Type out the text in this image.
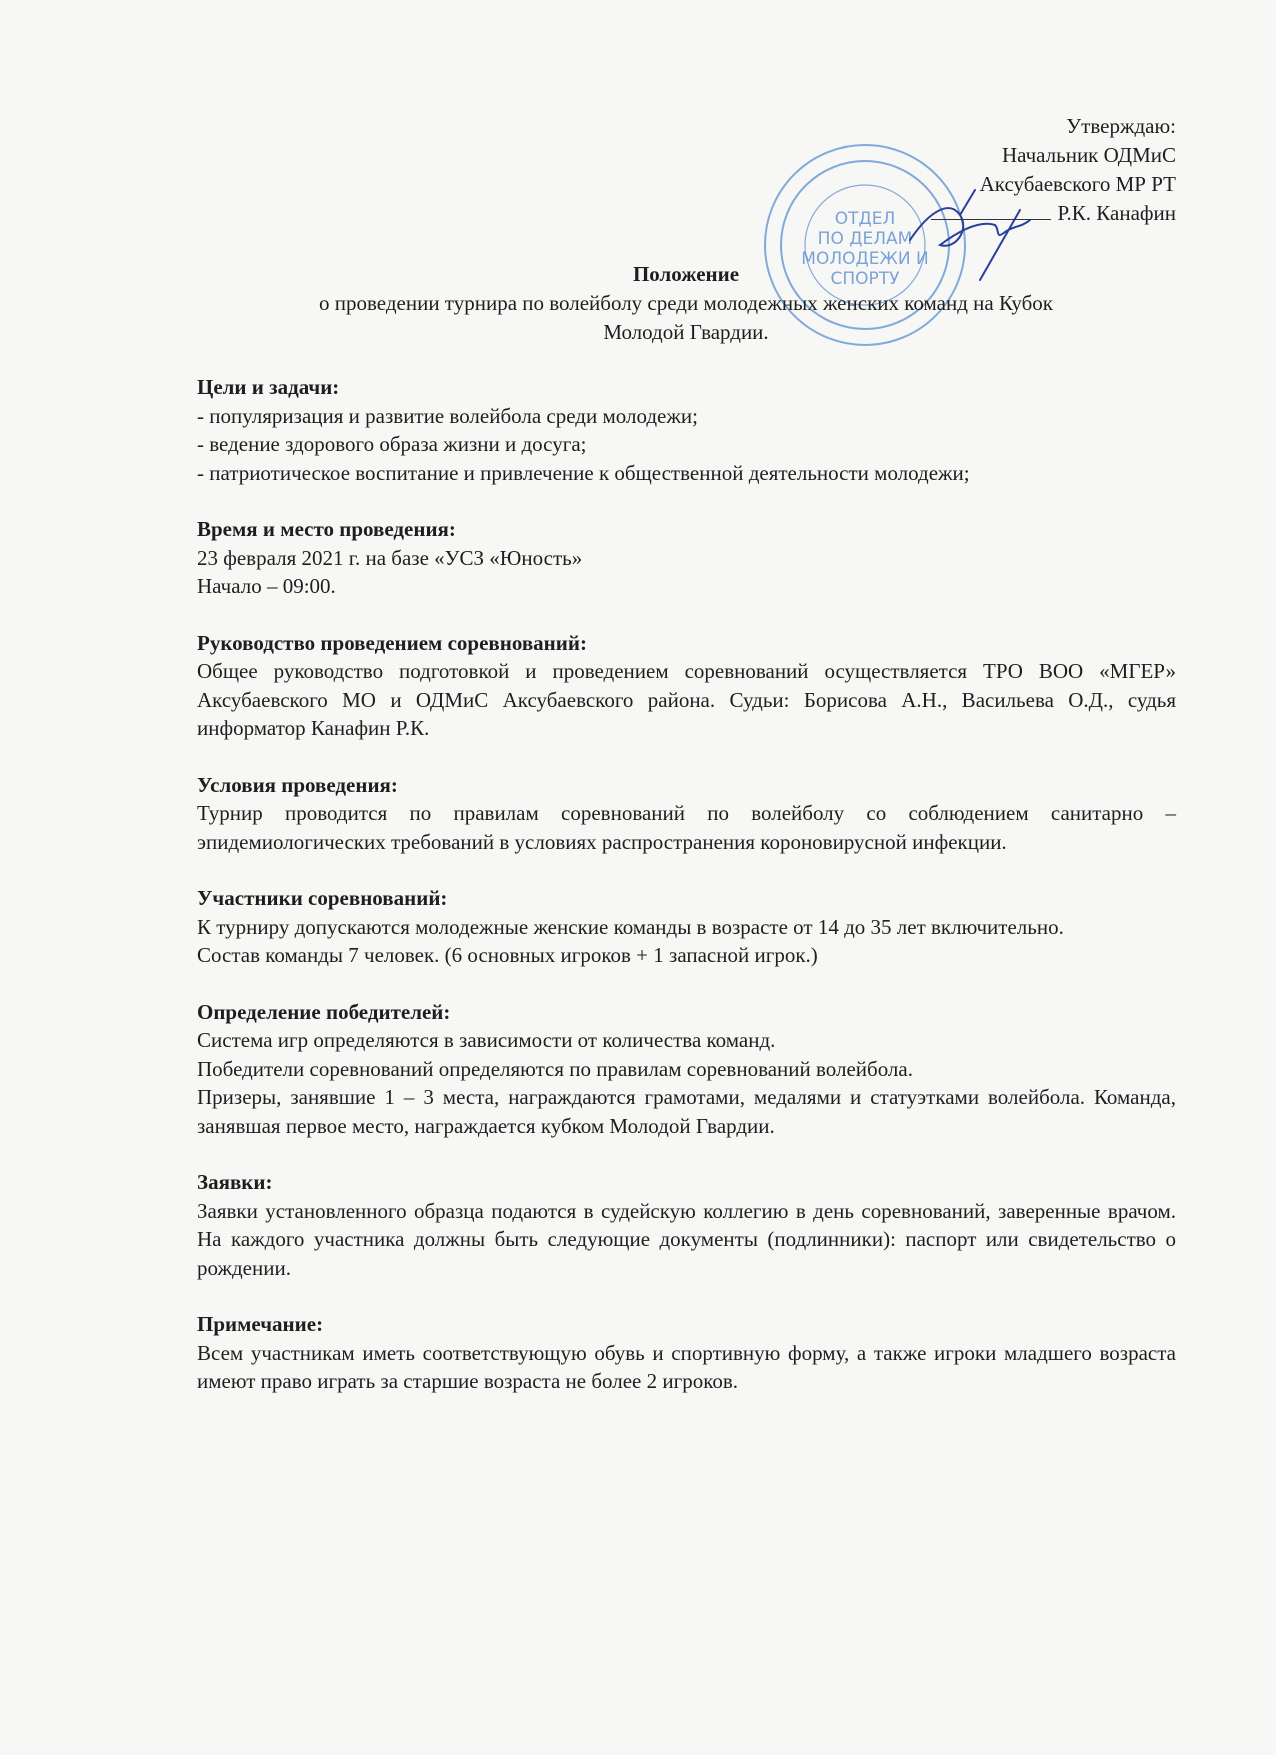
ОТДЕЛ
ПО ДЕЛАМ
МОЛОДЕЖИ И
СПОРТУ
Утверждаю:
Начальник ОДМиС
Аксубаевского МР РТ
Р.К. Канафин
Положение
о проведении турнира по волейболу среди молодежных женских команд на Кубок
Молодой Гвардии.
Цели и задачи:

- популяризация и развитие волейбола среди молодежи;

- ведение здорового образа жизни и досуга;

- патриотическое воспитание и привлечение к общественной деятельности молодежи;

Время и место проведения:

23 февраля 2021 г. на базе «УСЗ «Юность»

Начало – 09:00.

Руководство проведением соревнований:

Общее руководство подготовкой и проведением соревнований осуществляется ТРО ВОО «МГЕР» Аксубаевского МО и ОДМиС Аксубаевского района. Судьи: Борисова А.Н., Васильева О.Д., судья информатор Канафин Р.К.

Условия проведения:

Турнир проводится по правилам соревнований по волейболу со соблюдением санитарно – эпидемиологических требований в условиях распространения короновирусной инфекции.

Участники соревнований:

К турниру допускаются молодежные женские команды в возрасте от 14 до 35 лет включительно.

Состав команды 7 человек. (6 основных игроков + 1 запасной игрок.)

Определение победителей:

Система игр определяются в зависимости от количества команд.

Победители соревнований определяются по правилам соревнований волейбола.

Призеры, занявшие 1 – 3 места, награждаются грамотами, медалями и статуэтками волейбола. Команда, занявшая первое место, награждается кубком Молодой Гвардии.

Заявки:

Заявки установленного образца подаются в судейскую коллегию в день соревнований, заверенные врачом. На каждого участника должны быть следующие документы (подлинники): паспорт или свидетельство о рождении.

Примечание:

Всем участникам иметь соответствующую обувь и спортивную форму, а также игроки младшего возраста имеют право играть за старшие возраста не более 2 игроков.
